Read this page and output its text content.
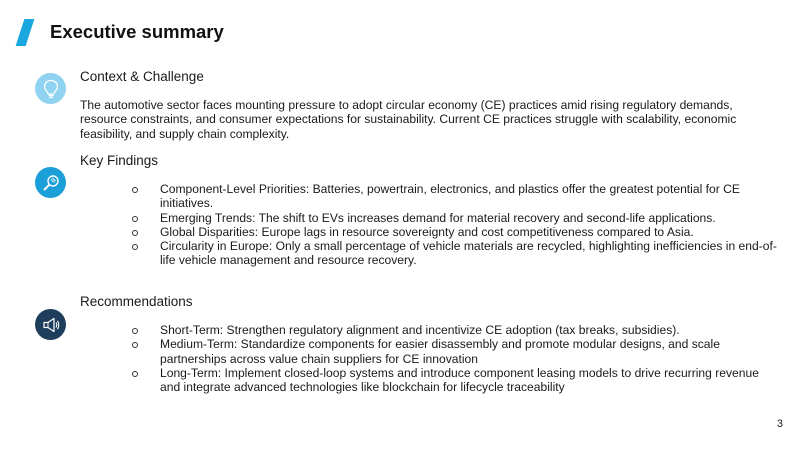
Executive summary
Context & Challenge

The automotive sector faces mounting pressure to adopt circular economy (CE) practices amid rising regulatory demands, resource constraints, and consumer expectations for sustainability. Current CE practices struggle with scalability, economic feasibility, and supply chain complexity.

Key Findings
Component-Level Priorities: Batteries, powertrain, electronics, and plastics offer the greatest potential for CE initiatives.
Emerging Trends: The shift to EVs increases demand for material recovery and second-life applications.
Global Disparities: Europe lags in resource sovereignty and cost competitiveness compared to Asia.
Circularity in Europe: Only a small percentage of vehicle materials are recycled, highlighting inefficiencies in end-of-life vehicle management and resource recovery.
Recommendations
Short-Term: Strengthen regulatory alignment and incentivize CE adoption (tax breaks, subsidies).
Medium-Term: Standardize components for easier disassembly and promote modular designs, and scale partnerships across value chain suppliers for CE innovation
Long-Term: Implement closed-loop systems and introduce component leasing models to drive recurring revenue and integrate advanced technologies like blockchain for lifecycle traceability
3
